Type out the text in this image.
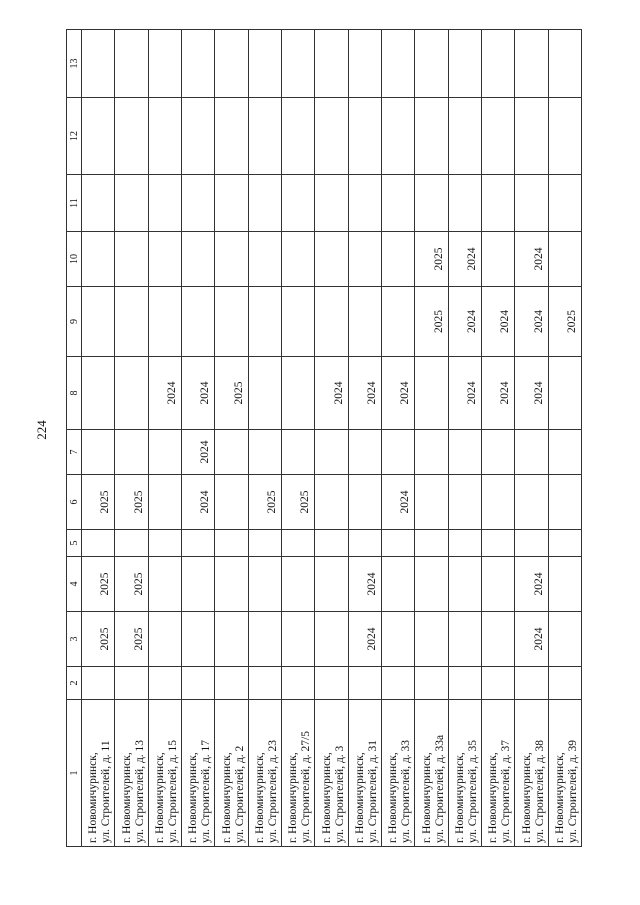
224
1	2	3	4	5	6	7	8	9	10	11	12	13

г. Новомичуринск, ул. Строителей, д. 11		2025	2025		2025							

г. Новомичуринск, ул. Строителей, д. 13		2025	2025		2025							

г. Новомичуринск, ул. Строителей, д. 15							2024					

г. Новомичуринск, ул. Строителей, д. 17					2024	2024	2024					

г. Новомичуринск, ул. Строителей, д. 2							2025					

г. Новомичуринск, ул. Строителей, д. 23					2025							

г. Новомичуринск, ул. Строителей, д. 27/5					2025							

г. Новомичуринск, ул. Строителей, д. 3							2024					

г. Новомичуринск, ул. Строителей, д. 31		2024	2024				2024					

г. Новомичуринск, ул. Строителей, д. 33					2024		2024					

г. Новомичуринск, ул. Строителей, д. 33а								2025	2025			

г. Новомичуринск, ул. Строителей, д. 35							2024	2024	2024			

г. Новомичуринск, ул. Строителей, д. 37							2024	2024				

г. Новомичуринск, ул. Строителей, д. 38		2024	2024				2024	2024	2024			

г. Новомичуринск, ул. Строителей, д. 39								2025				
